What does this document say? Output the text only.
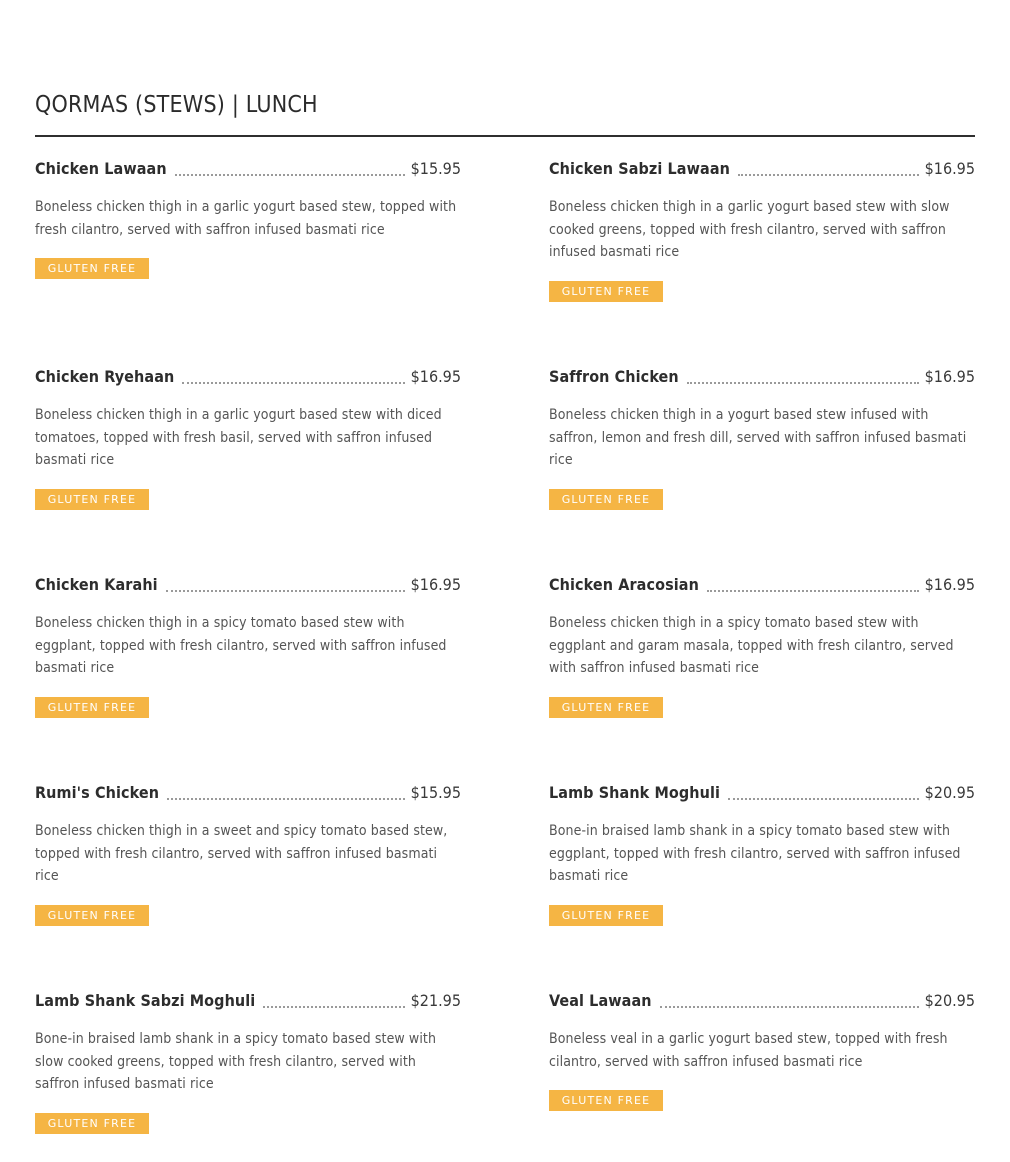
QORMAS (STEWS) | LUNCH
Chicken Lawaan	$15.95

Boneless chicken thigh in a garlic yogurt based stew, topped with fresh cilantro, served with saffron infused basmati rice

GLUTEN FREE
Chicken Sabzi Lawaan	$16.95

Boneless chicken thigh in a garlic yogurt based stew with slow cooked greens, topped with fresh cilantro, served with saffron infused basmati rice

GLUTEN FREE
Chicken Ryehaan	$16.95

Boneless chicken thigh in a garlic yogurt based stew with diced tomatoes, topped with fresh basil, served with saffron infused basmati rice

GLUTEN FREE
Saffron Chicken	$16.95

Boneless chicken thigh in a yogurt based stew infused with saffron, lemon and fresh dill, served with saffron infused basmati rice

GLUTEN FREE
Chicken Karahi	$16.95

Boneless chicken thigh in a spicy tomato based stew with eggplant, topped with fresh cilantro, served with saffron infused basmati rice

GLUTEN FREE
Chicken Aracosian	$16.95

Boneless chicken thigh in a spicy tomato based stew with eggplant and garam masala, topped with fresh cilantro, served with saffron infused basmati rice

GLUTEN FREE
Rumi's Chicken	$15.95

Boneless chicken thigh in a sweet and spicy tomato based stew, topped with fresh cilantro, served with saffron infused basmati rice

GLUTEN FREE
Lamb Shank Moghuli	$20.95

Bone-in braised lamb shank in a spicy tomato based stew with eggplant, topped with fresh cilantro, served with saffron infused basmati rice

GLUTEN FREE
Lamb Shank Sabzi Moghuli	$21.95

Bone-in braised lamb shank in a spicy tomato based stew with slow cooked greens, topped with fresh cilantro, served with saffron infused basmati rice

GLUTEN FREE
Veal Lawaan	$20.95

Boneless veal in a garlic yogurt based stew, topped with fresh cilantro, served with saffron infused basmati rice

GLUTEN FREE
